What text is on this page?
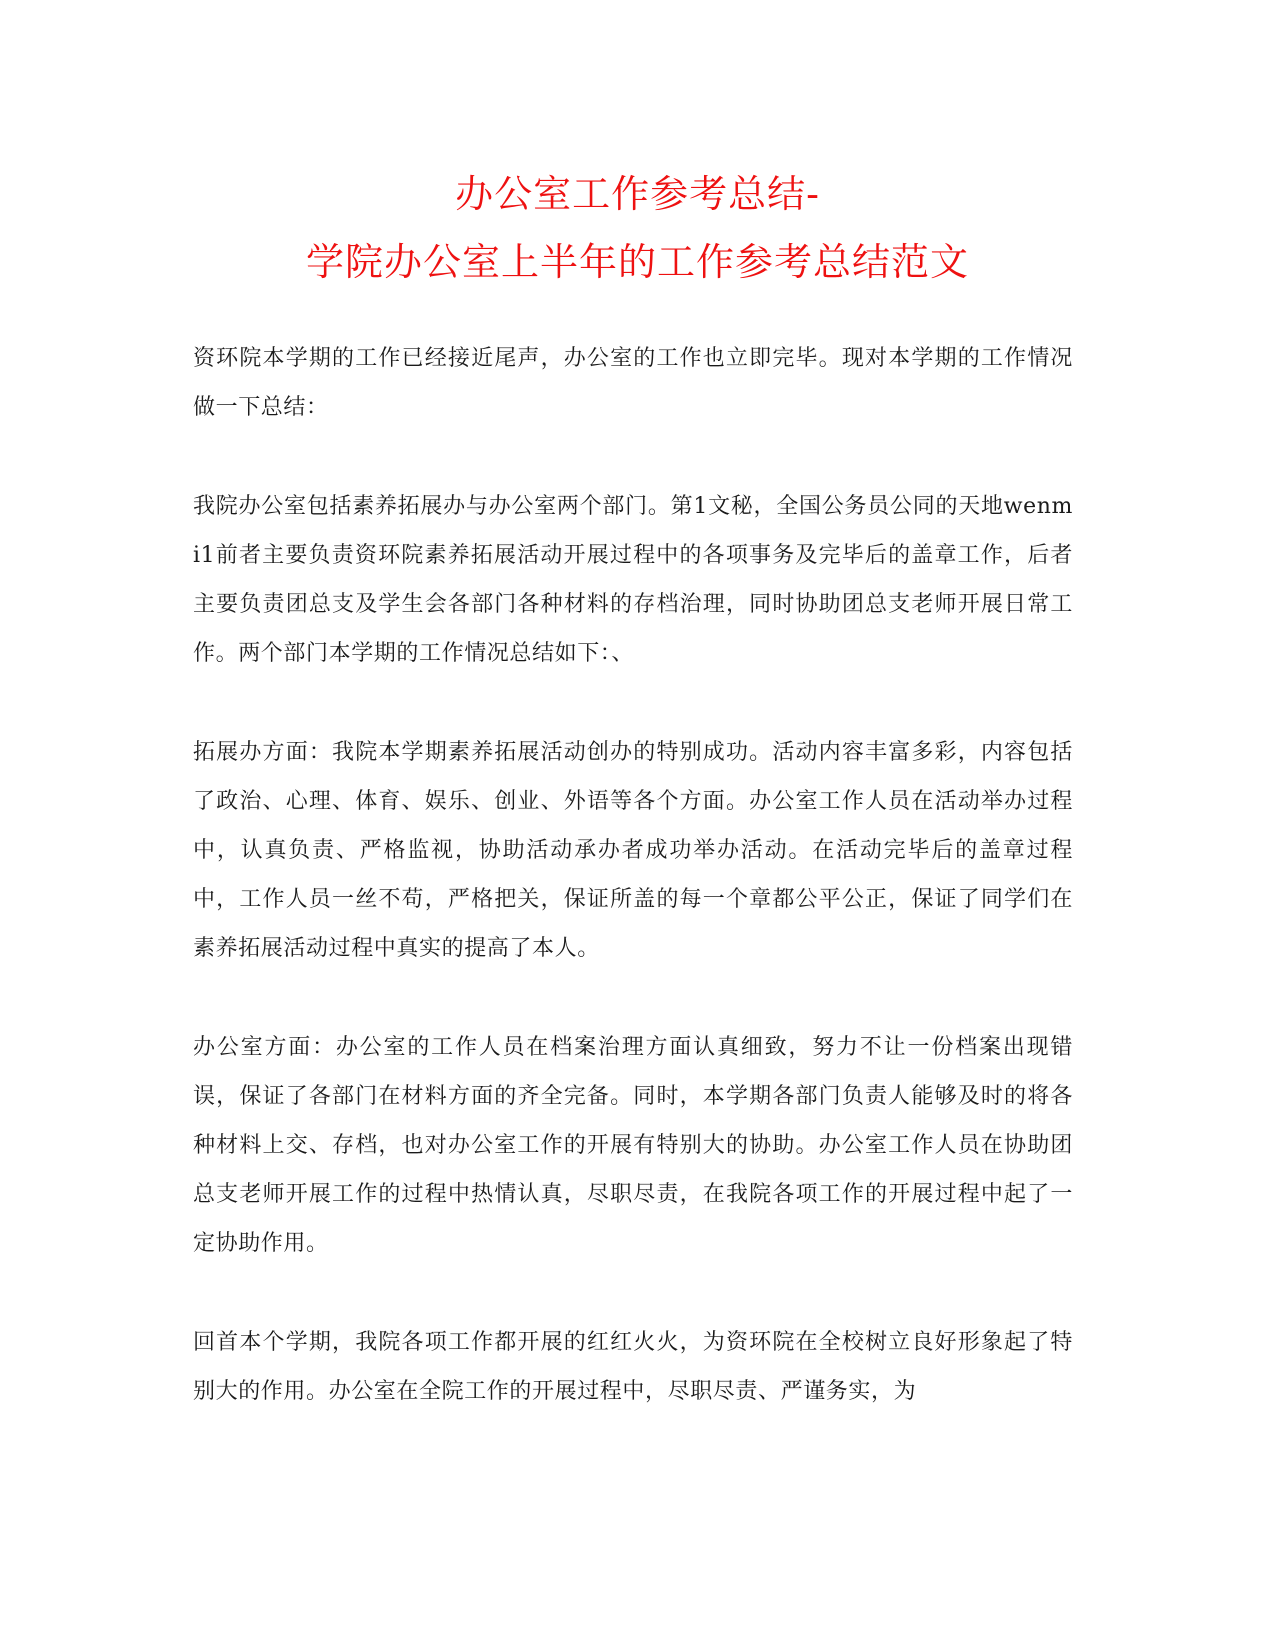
办公室工作参考总结-
学院办公室上半年的工作参考总结范文

资环院本学期的工作已经接近尾声，办公室的工作也立即完毕。现对本学期的工作情况做一下总结：

我院办公室包括素养拓展办与办公室两个部门。第1文秘，全国公务员公同的天地wenmi1前者主要负责资环院素养拓展活动开展过程中的各项事务及完毕后的盖章工作，后者主要负责团总支及学生会各部门各种材料的存档治理，同时协助团总支老师开展日常工作。两个部门本学期的工作情况总结如下：、

拓展办方面：我院本学期素养拓展活动创办的特别成功。活动内容丰富多彩，内容包括了政治、心理、体育、娱乐、创业、外语等各个方面。办公室工作人员在活动举办过程中，认真负责、严格监视，协助活动承办者成功举办活动。在活动完毕后的盖章过程中，工作人员一丝不苟，严格把关，保证所盖的每一个章都公平公正，保证了同学们在素养拓展活动过程中真实的提高了本人。

办公室方面：办公室的工作人员在档案治理方面认真细致，努力不让一份档案出现错误，保证了各部门在材料方面的齐全完备。同时，本学期各部门负责人能够及时的将各种材料上交、存档，也对办公室工作的开展有特别大的协助。办公室工作人员在协助团总支老师开展工作的过程中热情认真，尽职尽责，在我院各项工作的开展过程中起了一定协助作用。

回首本个学期，我院各项工作都开展的红红火火，为资环院在全校树立良好形象起了特别大的作用。办公室在全院工作的开展过程中，尽职尽责、严谨务实，为
